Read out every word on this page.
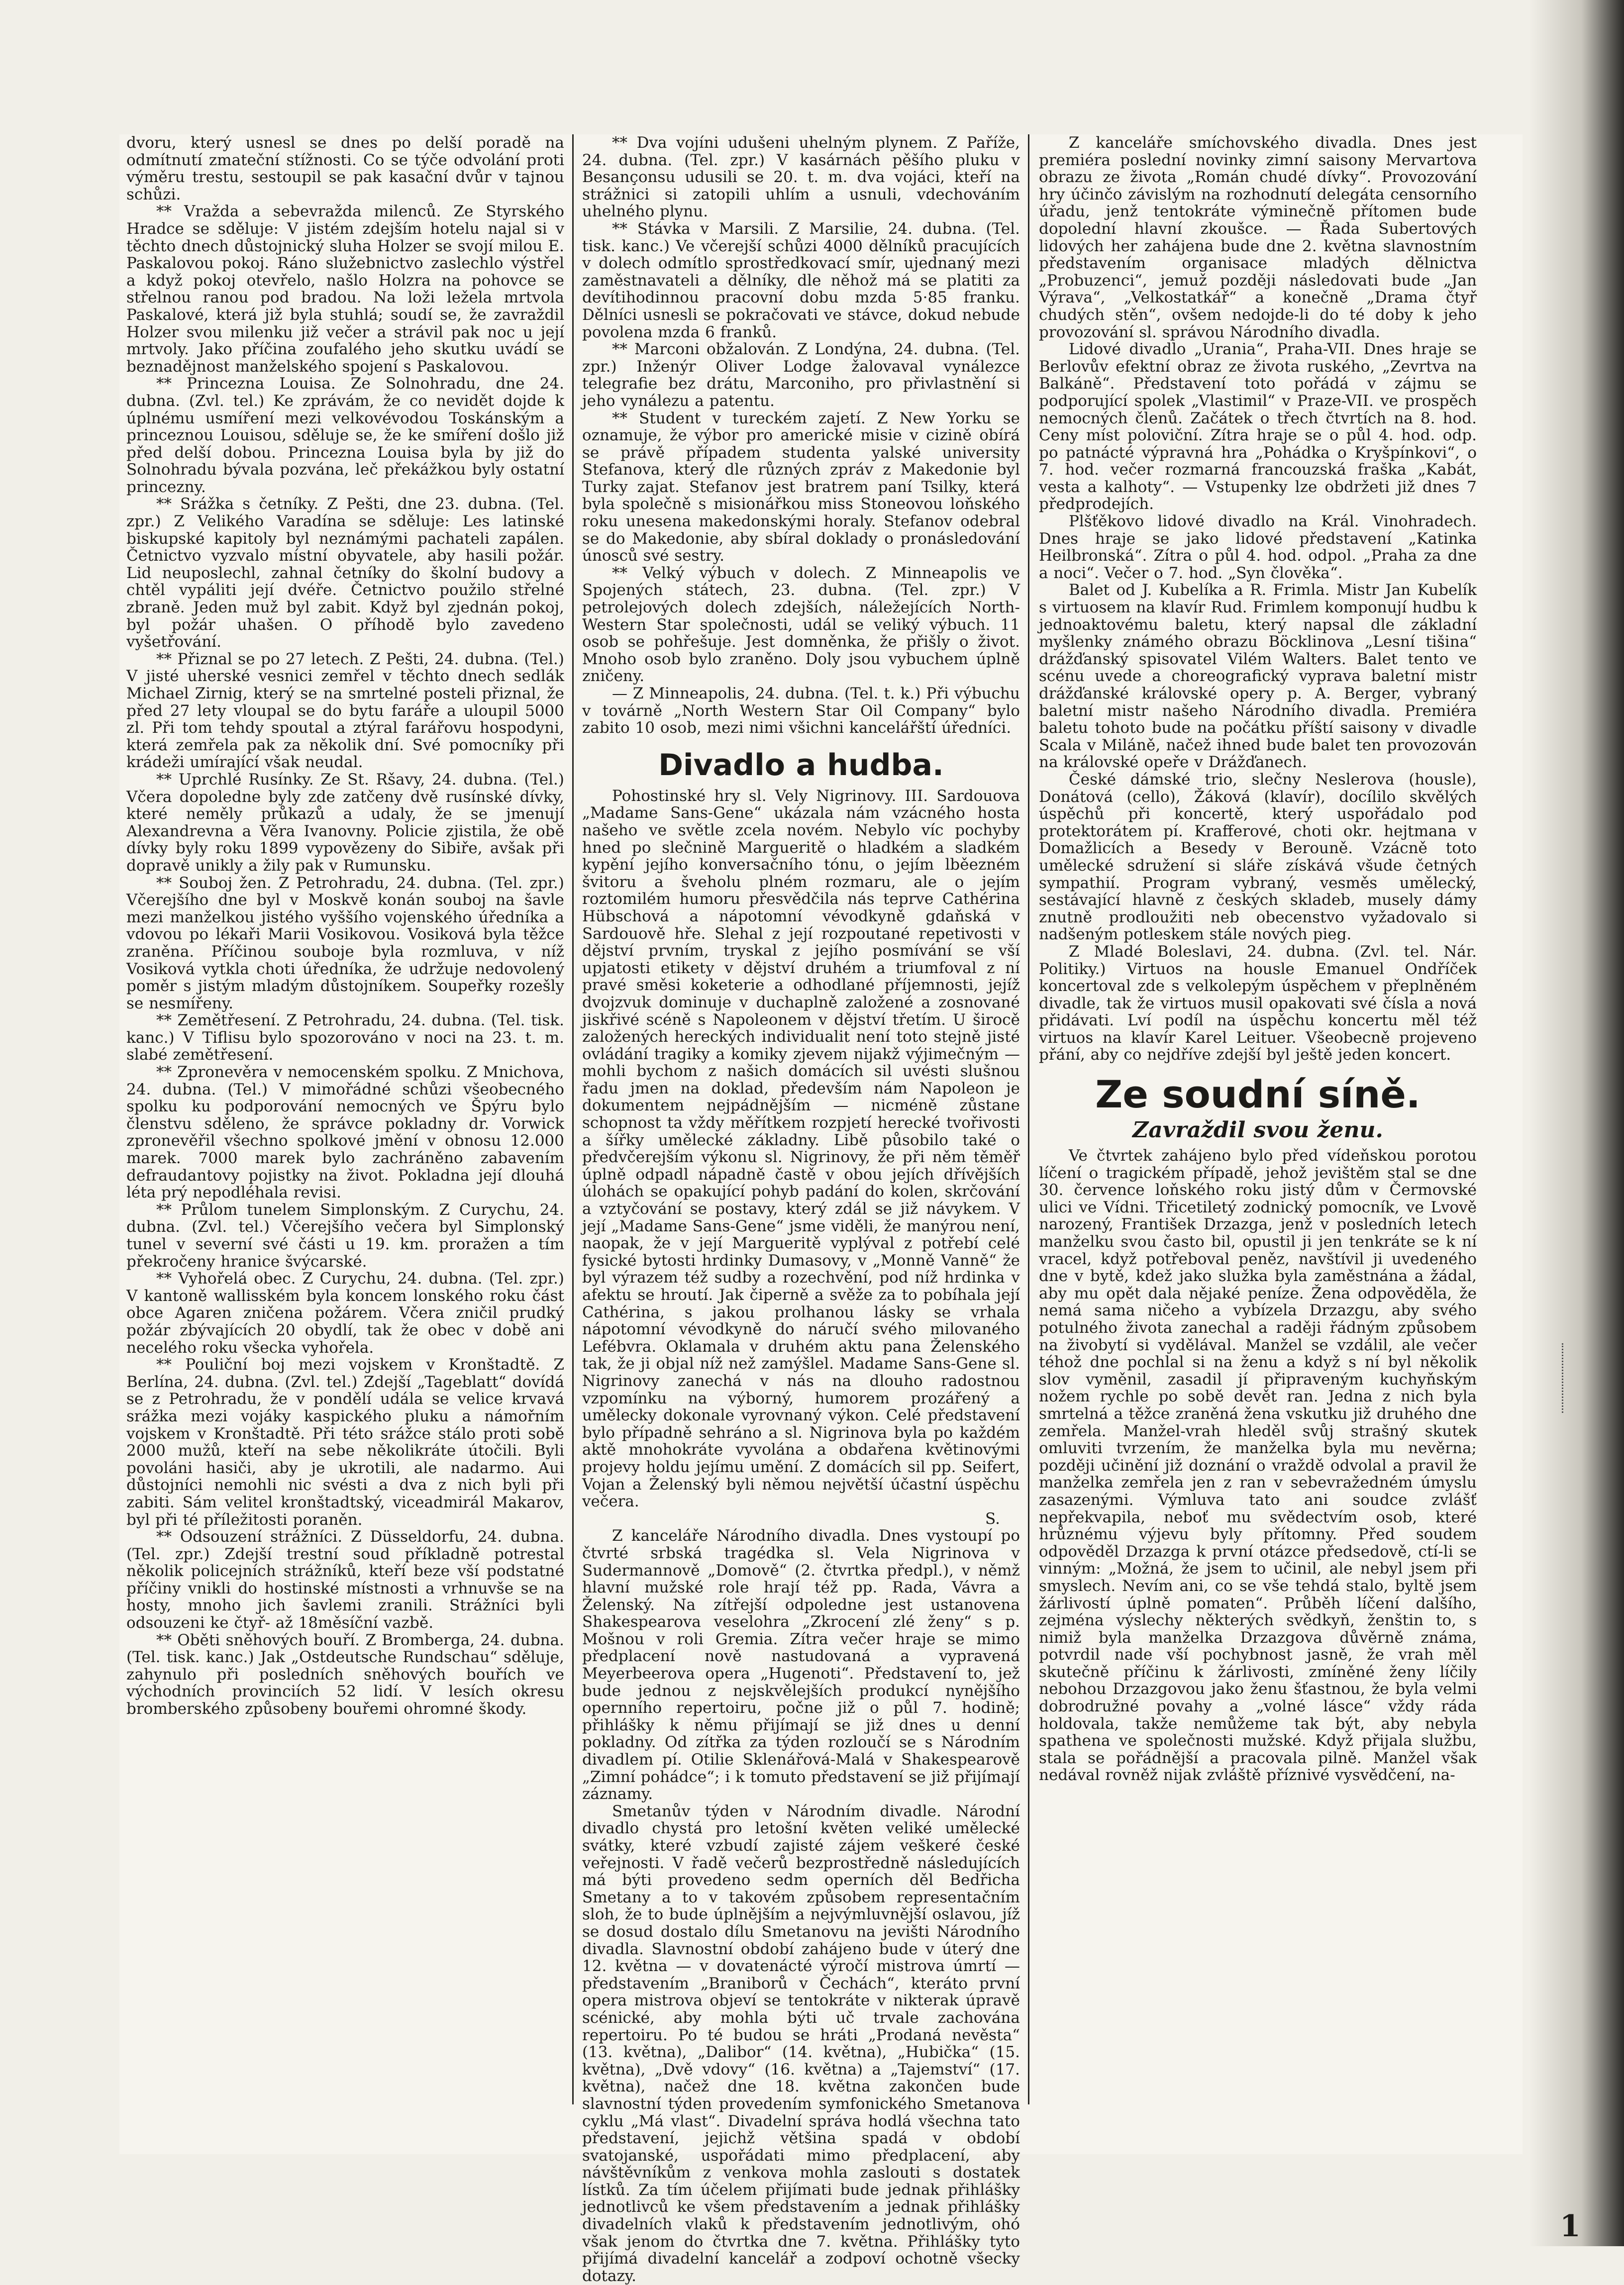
dvoru, který usnesl se dnes po delší poradě na odmítnutí zmateční stížnosti. Co se týče odvolání proti výměru trestu, sestoupil se pak kasační dvůr v tajnou schůzi.

** Vražda a sebevražda milenců. Ze Styrského Hradce se sděluje: V jistém zdejším hotelu najal si v těchto dnech důstojnický sluha Holzer se svojí milou E. Paskalovou pokoj. Ráno služebnictvo zaslechlo výstřel a když pokoj otevřelo, našlo Holzra na pohovce se střelnou ranou pod bradou. Na loži ležela mrtvola Paskalové, která již byla stuhlá; soudí se, že zavraždil Holzer svou milenku již večer a strávil pak noc u její mrtvoly. Jako příčina zoufalého jeho skutku uvádí se beznadějnost manželského spojení s Paskalovou.

** Princezna Louisa. Ze Solnohradu, dne 24. dubna. (Zvl. tel.) Ke zprávám, že co nevidět dojde k úplnému usmíření mezi velkovévodou Toskánským a princeznou Louisou, sděluje se, že ke smíření došlo již před delší dobou. Princezna Louisa byla by již do Solnohradu bývala pozvána, leč překážkou byly ostatní princezny.

** Srážka s četníky. Z Pešti, dne 23. dubna. (Tel. zpr.) Z Velikého Varadína se sděluje: Les latinské biskupské kapitoly byl neznámými pachateli zapálen. Četnictvo vyzvalo místní obyvatele, aby hasili požár. Lid neuposlechl, zahnal četníky do školní budovy a chtěl vypáliti její dvéře. Četnictvo použilo střelné zbraně. Jeden muž byl zabit. Když byl zjednán pokoj, byl požár uhašen. O příhodě bylo zavedeno vyšetřování.

** Přiznal se po 27 letech. Z Pešti, 24. dubna. (Tel.) V jisté uherské vesnici zemřel v těchto dnech sedlák Michael Zirnig, který se na smrtelné posteli přiznal, že před 27 lety vloupal se do bytu faráře a uloupil 5000 zl. Při tom tehdy spoutal a ztýral farářovu hospodyni, která zemřela pak za několik dní. Své pomocníky při krádeži umírající však neudal.

** Uprchlé Rusínky. Ze St. Ršavy, 24. dubna. (Tel.) Včera dopoledne byly zde zatčeny dvě rusínské dívky, které neměly průkazů a udaly, že se jmenují Alexandrevna a Věra Ivanovny. Policie zjistila, že obě dívky byly roku 1899 vypovězeny do Sibiře, avšak při dopravě unikly a žily pak v Rumunsku.

** Souboj žen. Z Petrohradu, 24. dubna. (Tel. zpr.) Včerejšího dne byl v Moskvě konán souboj na šavle mezi manželkou jistého vyššího vojenského úředníka a vdovou po lékaři Marii Vosikovou. Vosiková byla těžce zraněna. Příčinou souboje byla rozmluva, v níž Vosiková vytkla choti úředníka, že udržuje nedovolený poměr s jistým mladým důstojníkem. Soupeřky rozešly se nesmířeny.

** Zemětřesení. Z Petrohradu, 24. dubna. (Tel. tisk. kanc.) V Tiflisu bylo spozorováno v noci na 23. t. m. slabé zemětřesení.

** Zpronevěra v nemocenském spolku. Z Mnichova, 24. dubna. (Tel.) V mimořádné schůzi všeobecného spolku ku podporování nemocných ve Špýru bylo členstvu sděleno, že správce pokladny dr. Vorwick zpronevěřil všechno spolkové jmění v obnosu 12.000 marek. 7000 marek bylo zachráněno zabavením defraudantovy pojistky na život. Pokladna její dlouhá léta prý nepodléhala revisi.

** Průlom tunelem Simplonským. Z Curychu, 24. dubna. (Zvl. tel.) Včerejšího večera byl Simplonský tunel v severní své části u 19. km. proražen a tím překročeny hranice švýcarské.

** Vyhořelá obec. Z Curychu, 24. dubna. (Tel. zpr.) V kantoně wallisském byla koncem lonského roku část obce Agaren zničena požárem. Včera zničil prudký požár zbývajících 20 obydlí, tak že obec v době ani necelého roku všecka vyhořela.

** Pouliční boj mezi vojskem v Kronštadtě. Z Berlína, 24. dubna. (Zvl. tel.) Zdejší „Tageblatt“ dovídá se z Petrohradu, že v pondělí udála se velice krvavá srážka mezi vojáky kaspického pluku a námořním vojskem v Kronštadtě. Při této srážce stálo proti sobě 2000 mužů, kteří na sebe několikráte útočili. Byli povoláni hasiči, aby je ukrotili, ale nadarmo. Aui důstojníci nemohli nic svésti a dva z nich byli při zabiti. Sám velitel kronštadtský, viceadmirál Makarov, byl při té příležitosti poraněn.

** Odsouzení strážníci. Z Düsseldorfu, 24. dubna. (Tel. zpr.) Zdejší trestní soud příkladně potrestal několik policejních strážníků, kteří beze vší podstatné příčiny vnikli do hostinské místnosti a vrhnuvše se na hosty, mnoho jich šavlemi zranili. Strážníci byli odsouzeni ke čtyř- až 18měsíční vazbě.

** Oběti sněhových bouří. Z Bromberga, 24. dubna. (Tel. tisk. kanc.) Jak „Ostdeutsche Rundschau“ sděluje, zahynulo při posledních sněhových bouřích ve východních provinciích 52 lidí. V lesích okresu bromberského způsobeny bouřemi ohromné škody.

** Dva vojíni udušeni uhelným plynem. Z Paříže, 24. dubna. (Tel. zpr.) V kasárnách pěšího pluku v Besançonsu udusili se 20. t. m. dva vojáci, kteří na strážnici si zatopili uhlím a usnuli, vdechováním uhelného plynu.

** Stávka v Marsili. Z Marsilie, 24. dubna. (Tel. tisk. kanc.) Ve včerejší schůzi 4000 dělníků pracujících v dolech odmítlo sprostředkovací smír, ujednaný mezi zaměstnavateli a dělníky, dle něhož má se platiti za devítihodinnou pracovní dobu mzda 5·85 franku. Dělníci usnesli se pokračovati ve stávce, dokud nebude povolena mzda 6 franků.

** Marconi obžalován. Z Londýna, 24. dubna. (Tel. zpr.) Inženýr Oliver Lodge žalovaval vynálezce telegrafie bez drátu, Marconiho, pro přivlastnění si jeho vynálezu a patentu.

** Student v tureckém zajetí. Z New Yorku se oznamuje, že výbor pro americké misie v cizině obírá se právě případem studenta yalské university Stefanova, který dle různých zpráv z Makedonie byl Turky zajat. Stefanov jest bratrem paní Tsilky, která byla společně s misionářkou miss Stoneovou loňského roku unesena makedonskými horaly. Stefanov odebral se do Makedonie, aby sbíral doklady o pronásledování únosců své sestry.

** Velký výbuch v dolech. Z Minneapolis ve Spojených státech, 23. dubna. (Tel. zpr.) V petrolejových dolech zdejších, náležejících North-Western Star společnosti, udál se veliký výbuch. 11 osob se pohřešuje. Jest domněnka, že přišly o život. Mnoho osob bylo zraněno. Doly jsou vybuchem úplně zničeny.

— Z Minneapolis, 24. dubna. (Tel. t. k.) Při výbuchu v továrně „North Western Star Oil Company“ bylo zabito 10 osob, mezi nimi všichni kancelářští úředníci.

Divadlo a hudba.

Pohostinské hry sl. Vely Nigrinovy. III. Sardouova „Madame Sans-Gene“ ukázala nám vzácného hosta našeho ve světle zcela novém. Nebylo víc pochyby hned po slečnině Margueritě o hladkém a sladkém kypění jejího konversačního tónu, o jejím lběezném švitoru a šveholu plném rozmaru, ale o jejím roztomilém humoru přesvědčila nás teprve Cathérina Hübschová a nápotomní vévodkyně gdaňská v Sardouově hře. Slehal z její rozpoutané repetivosti v dějství prvním, tryskal z jejího posmívání se vší upjatosti etikety v dějství druhém a triumfoval z ní pravé směsi koketerie a odhodlané příjemnosti, jejíž dvojzvuk dominuje v duchaplně založené a zosnované jiskřivé scéně s Napoleonem v dějství třetím. U širocě založených hereckých individualit není toto stejně jisté ovládání tragiky a komiky zjevem nijakž výjimečným — mohli bychom z našich domácích sil uvésti slušnou řadu jmen na doklad, především nám Napoleon je dokumentem nejpádnějším — nicméně zůstane schopnost ta vždy měřítkem rozpjetí herecké tvořivosti a šířky umělecké základny. Libě působilo také o předvčerejším výkonu sl. Nigrinovy, že při něm těměř úplně odpadl nápadně častě v obou jejích dřívějších úlohách se opakující pohyb padání do kolen, skrčování a vztyčování se postavy, který zdál se již návykem. V její „Madame Sans-Gene“ jsme viděli, že manýrou není, naopak, že v její Margueritě vyplýval z potřebí celé fysické bytosti hrdinky Dumasovy, v „Monně Vanně“ že byl výrazem též sudby a rozechvění, pod níž hrdinka v afektu se hroutí. Jak čiperně a svěže za to pobíhala její Cathérina, s jakou prolhanou lásky se vrhala nápotomní vévodkyně do náručí svého milovaného Lefébvra. Oklamala v druhém aktu pana Želenského tak, že ji objal níž než zamýšlel. Madame Sans-Gene sl. Nigrinovy zanechá v nás na dlouho radostnou vzpomínku na výborný, humorem prozářený a umělecky dokonale vyrovnaný výkon. Celé představení bylo případně sehráno a sl. Nigrinova byla po každém aktě mnohokráte vyvolána a obdařena květinovými projevy holdu jejímu umění. Z domácích sil pp. Seifert, Vojan a Želenský byli němou největší účastní úspěchu večera.

S.

Z kanceláře Národního divadla. Dnes vystoupí po čtvrté srbská tragédka sl. Vela Nigrinova v Sudermannově „Domově“ (2. čtvrtka předpl.), v němž hlavní mužské role hrají též pp. Rada, Vávra a Želenský. Na zítřejší odpoledne jest ustanovena Shakespearova veselohra „Zkrocení zlé ženy“ s p. Mošnou v roli Gremia. Zítra večer hraje se mimo předplacení nově nastudovaná a vypravená Meyerbeerova opera „Hugenoti“. Představení to, jež bude jednou z nejskvělejších produkcí nynějšího opernního repertoiru, počne již o půl 7. hodině; přihlášky k němu přijímají se již dnes u denní pokladny. Od zítřka za týden rozloučí se s Národním divadlem pí. Otilie Sklenářová-Malá v Shakespearově „Zimní pohádce“; i k tomuto představení se již přijímají záznamy.

Smetanův týden v Národním divadle. Národní divadlo chystá pro letošní květen veliké umělecké svátky, které vzbudí zajisté zájem veškeré české veřejnosti. V řadě večerů bezprostředně následujících má býti provedeno sedm operních děl Bedřicha Smetany a to v takovém způsobem representačním sloh, že to bude úplnějším a nejvýmluvnější oslavou, jíž se dosud dostalo dílu Smetanovu na jevišti Národního divadla. Slavnostní období zahájeno bude v úterý dne 12. května — v dovatenácté výročí mistrova úmrtí — představením „Braniborů v Čechách“, kteráto první opera mistrova objeví se tentokráte v nikterak úpravě scénické, aby mohla býti uč trvale zachována repertoiru. Po té budou se hráti „Prodaná nevěsta“ (13. května), „Dalibor“ (14. května), „Hubička“ (15. května), „Dvě vdovy“ (16. května) a „Tajemství“ (17. května), načež dne 18. května zakončen bude slavnostní týden provedením symfonického Smetanova cyklu „Má vlast“. Divadelní správa hodlá všechna tato představení, jejichž většina spadá v období svatojanské, uspořádati mimo předplacení, aby návštěvníkům z venkova mohla zaslouti s dostatek lístků. Za tím účelem přijímati bude jednak přihlášky jednotlivců ke všem představením a jednak přihlášky divadelních vlaků k představením jednotlivým, ohó však jenom do čtvrtka dne 7. května. Přihlášky tyto přijímá divadelní kancelář a zodpoví ochotně všecky dotazy.

Z kanceláře smíchovského divadla. Dnes jest premiéra poslední novinky zimní saisony Mervartova obrazu ze života „Román chudé dívky“. Provozování hry účinčo závislým na rozhodnutí delegáta censorního úřadu, jenž tentokráte výminečně přítomen bude dopolední hlavní zkoušce. — Řada Subertových lidových her zahájena bude dne 2. května slavnostním představením organisace mladých dělnictva „Probuzenci“, jemuž později následovati bude „Jan Výrava“, „Velkostatkář“ a konečně „Drama čtyř chudých stěn“, ovšem nedojde-li do té doby k jeho provozování sl. správou Národního divadla.

Lidové divadlo „Urania“, Praha-VII. Dnes hraje se Berlovův efektní obraz ze života ruského, „Zevrtva na Balkáně“. Představení toto pořádá v zájmu se podporující spolek „Vlastimil“ v Praze-VII. ve prospěch nemocných členů. Začátek o třech čtvrtích na 8. hod. Ceny míst poloviční. Zítra hraje se o půl 4. hod. odp. po patnácté výpravná hra „Pohádka o Kryšpínkovi“, o 7. hod. večer rozmarná francouzská fraška „Kabát, vesta a kalhoty“. — Vstupenky lze obdržeti již dnes 7 předprodejích.

Plšťěkovo lidové divadlo na Král. Vinohradech. Dnes hraje se jako lidové představení „Katinka Heilbronská“. Zítra o půl 4. hod. odpol. „Praha za dne a noci“. Večer o 7. hod. „Syn člověka“.

Balet od J. Kubelíka a R. Frimla. Mistr Jan Kubelík s virtuosem na klavír Rud. Frimlem komponují hudbu k jednoaktovému baletu, který napsal dle základní myšlenky známého obrazu Böcklinova „Lesní tišina“ drážďanský spisovatel Vilém Walters. Balet tento ve scénu uvede a choreografický vyprava baletní mistr drážďanské královské opery p. A. Berger, vybraný baletní mistr našeho Národního divadla. Premiéra baletu tohoto bude na počátku příští saisony v divadle Scala v Miláně, načež ihned bude balet ten provozován na královské opeře v Drážďanech.

České dámské trio, slečny Neslerova (housle), Donátová (cello), Žáková (klavír), docílilo skvělých úspěchů při koncertě, který uspořádalo pod protektorátem pí. Krafferové, choti okr. hejtmana v Domažlicích a Besedy v Berouně. Vzácně toto umělecké sdružení si sláře získává všude četných sympathií. Program vybraný, vesměs umělecký, sestávající hlavně z českých skladeb, musely dámy znutně prodloužiti neb obecenstvo vyžadovalo si nadšeným potleskem stále nových pieg.

Z Mladé Boleslavi, 24. dubna. (Zvl. tel. Nár. Politiky.) Virtuos na housle Emanuel Ondříček koncertoval zde s velkolepým úspěchem v přeplněném divadle, tak že virtuos musil opakovati své čísla a nová přidávati. Lví podíl na úspěchu koncertu měl též virtuos na klavír Karel Leituer. Všeobecně projeveno přání, aby co nejdříve zdejší byl ještě jeden koncert.

Ze soudní síně.
Zavraždil svou ženu.

Ve čtvrtek zahájeno bylo před vídeňskou porotou líčení o tragickém případě, jehož jevištěm stal se dne 30. července loňského roku jistý dům v Čermovské ulici ve Vídni. Třicetiletý zodnický pomocník, ve Lvově narozený, František Drzazga, jenž v posledních letech manželku svou často bil, opustil ji jen tenkráte se k ní vracel, když potřeboval peněz, navštívil ji uvedeného dne v bytě, kdež jako služka byla zaměstnána a žádal, aby mu opět dala nějaké peníze. Žena odpověděla, že nemá sama ničeho a vybízela Drzazgu, aby svého potulného života zanechal a raději řádným způsobem na živobytí si vydělával. Manžel se vzdálil, ale večer téhož dne pochlal si na ženu a když s ní byl několik slov vyměnil, zasadil jí připraveným kuchyňským nožem rychle po sobě devět ran. Jedna z nich byla smrtelná a těžce zraněná žena vskutku již druhého dne zemřela. Manžel-vrah hleděl svůj strašný skutek omluviti tvrzením, že manželka byla mu nevěrna; později učinění již doznání o vraždě odvolal a pravil že manželka zemřela jen z ran v sebevražedném úmyslu zasazenými. Výmluva tato ani soudce zvlášť nepřekvapila, neboť mu svědectvím osob, které hrůznému výjevu byly přítomny. Před soudem odpověděl Drzazga k první otázce předsedově, ctí-li se vinným: „Možná, že jsem to učinil, ale nebyl jsem při smyslech. Nevím ani, co se vše tehdá stalo, byltě jsem žárlivostí úplně pomaten“. Průběh líčení dalšího, zejména výslechy některých svědkyň, ženštin to, s nimiž byla manželka Drzazgova důvěrně známa, potvrdil nade vší pochybnost jasně, že vrah měl skutečně příčinu k žárlivosti, zmíněné ženy líčily nebohou Drzazgovou jako ženu šťastnou, že byla velmi dobrodružné povahy a „volné lásce“ vždy ráda holdovala, takže nemůžeme tak být, aby nebyla spathena ve společnosti mužské. Když přijala službu, stala se pořádnější a pracovala pilně. Manžel však nedával rovněž nijak zvláště příznivé vysvědčení, na-

1
